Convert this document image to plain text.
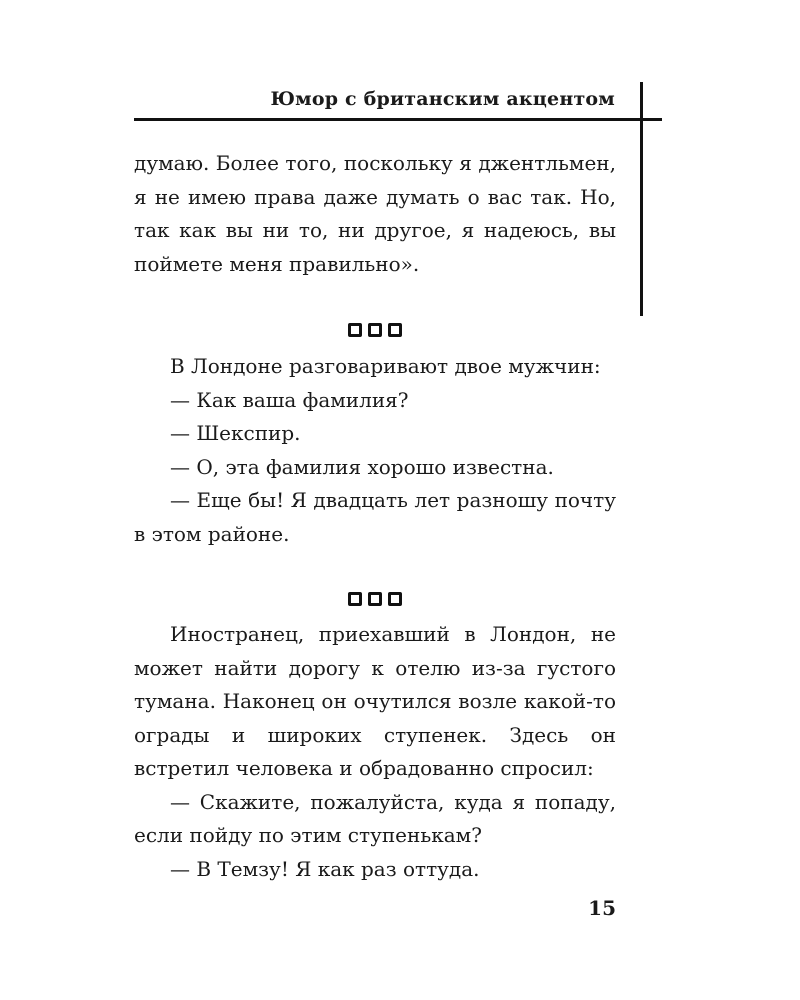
Юмор с британским акцентом

думаю. Более того, поскольку я джентльмен, я не имею права даже думать о вас так. Но, так как вы ни то, ни другое, я надеюсь, вы поймете меня правильно».

В Лондоне разговаривают двое мужчин:

— Как ваша фамилия?

— Шекспир.

— О, эта фамилия хорошо известна.

— Еще бы! Я двадцать лет разношу почту в этом районе.

Иностранец, приехавший в Лондон, не может найти дорогу к отелю из-за густого тумана. Наконец он очутился возле какой-то ограды и широких ступенек. Здесь он встретил человека и обрадованно спросил:

— Скажите, пожалуйста, куда я попаду, если пойду по этим ступенькам?

— В Темзу! Я как раз оттуда.

15
